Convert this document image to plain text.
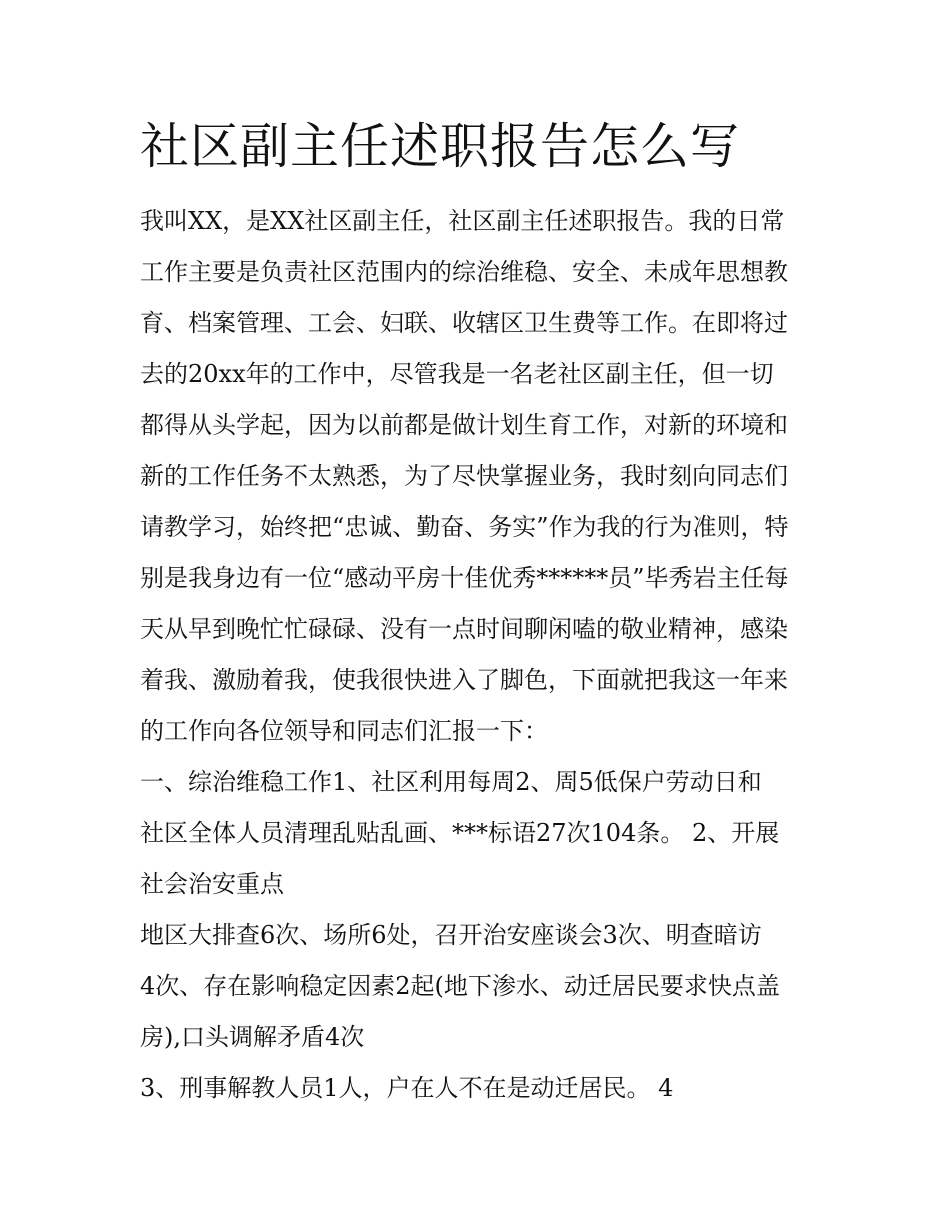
社区副主任述职报告怎么写
我叫XX，是XX社区副主任，社区副主任述职报告。我的日常
工作主要是负责社区范围内的综治维稳、安全、未成年思想教
育、档案管理、工会、妇联、收辖区卫生费等工作。在即将过
去的20xx年的工作中，尽管我是一名老社区副主任，但一切
都得从头学起，因为以前都是做计划生育工作，对新的环境和
新的工作任务不太熟悉，为了尽快掌握业务，我时刻向同志们
请教学习，始终把“忠诚、勤奋、务实”作为我的行为准则，特
别是我身边有一位“感动平房十佳优秀******员”毕秀岩主任每
天从早到晚忙忙碌碌、没有一点时间聊闲嗑的敬业精神，感染
着我、激励着我，使我很快进入了脚色，下面就把我这一年来
的工作向各位领导和同志们汇报一下：
一、综治维稳工作1、社区利用每周2、周5低保户劳动日和
社区全体人员清理乱贴乱画、***标语27次104条。 2、开展
社会治安重点
地区大排查6次、场所6处，召开治安座谈会3次、明查暗访
4次、存在影响稳定因素2起(地下渗水、动迁居民要求快点盖
房),口头调解矛盾4次
3、刑事解教人员1人，户在人不在是动迁居民。 4
